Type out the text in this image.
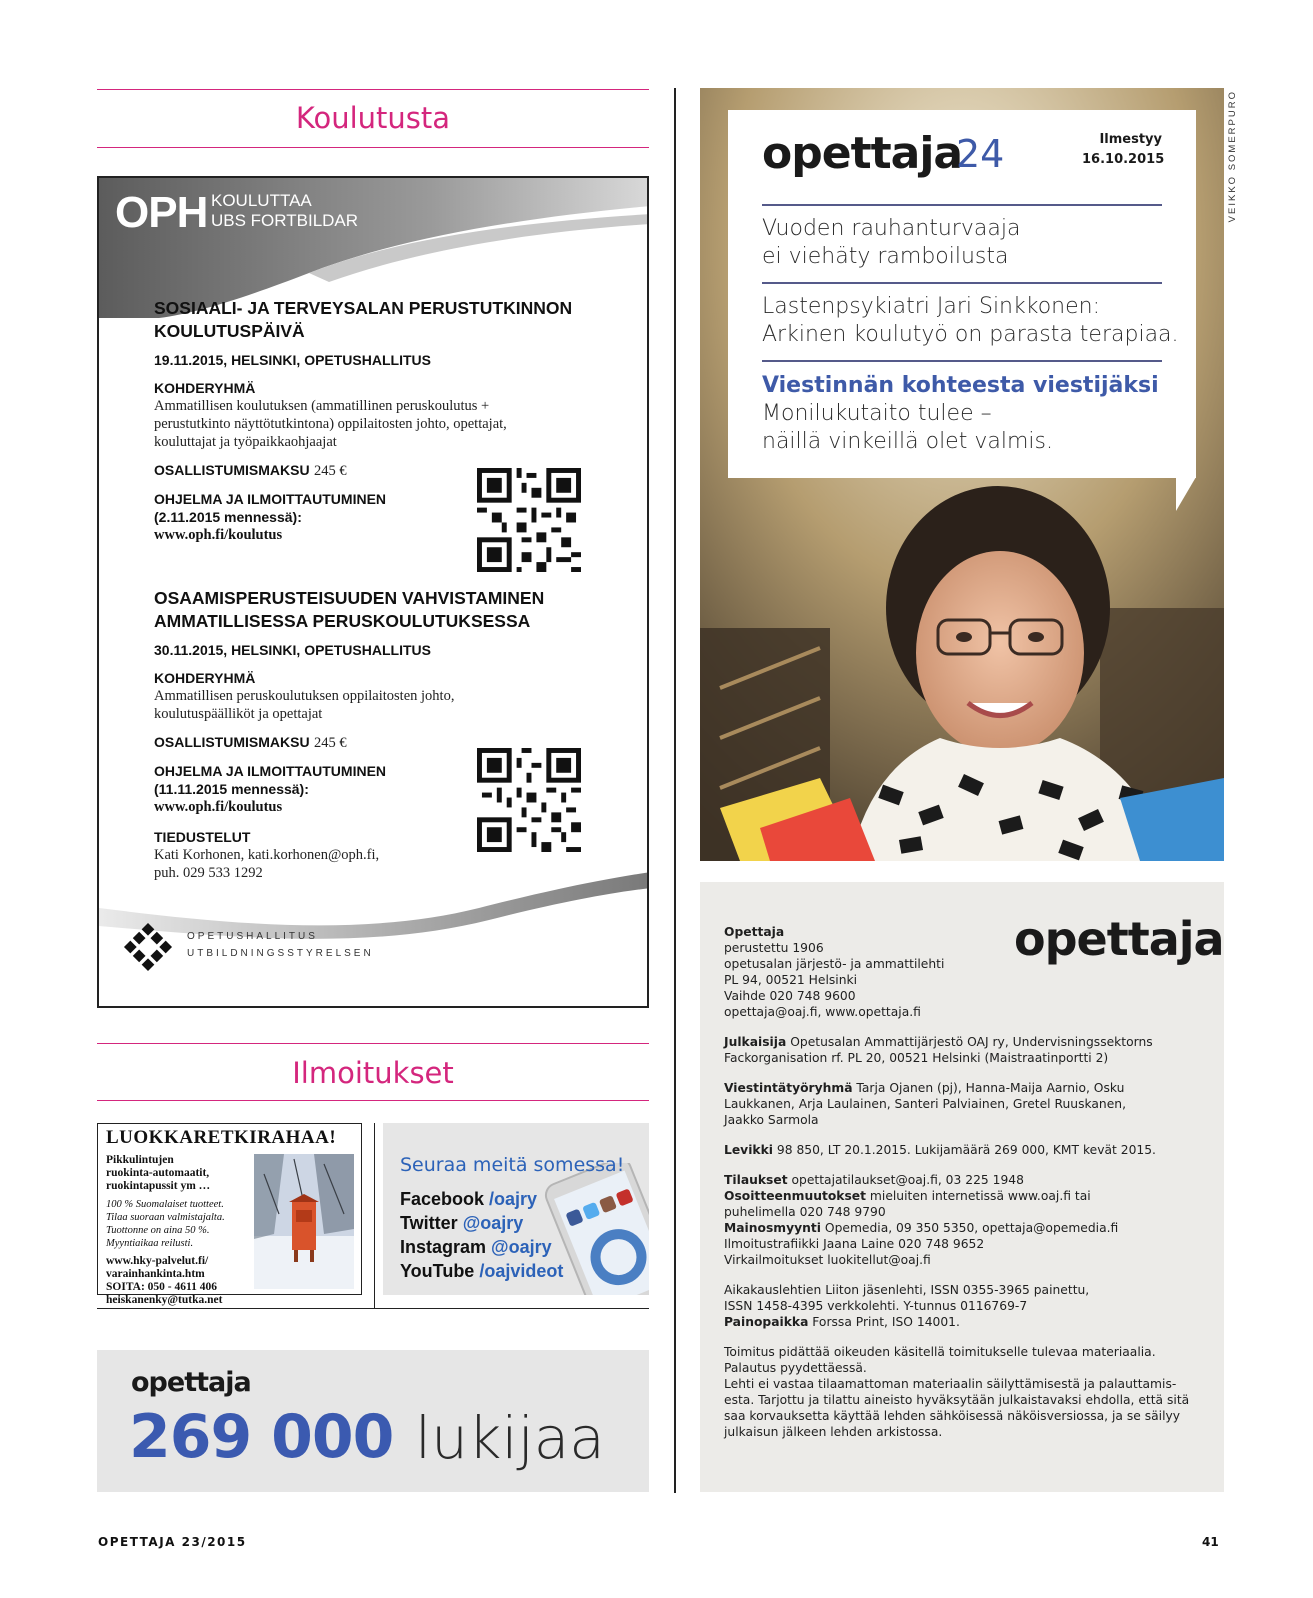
Koulutusta
OPH KOULUTTAA
UBS FORTBILDAR
SOSIAALI- JA TERVEYSALAN PERUSTUTKINNON
KOULUTUSPÄIVÄ
19.11.2015, HELSINKI, OPETUSHALLITUS
KOHDERYHMÄ
Ammatillisen koulutuksen (ammatillinen peruskoulutus +
perustutkinto näyttötutkintona) oppilaitosten johto, opettajat,
kouluttajat ja työpaikkaohjaajat
OSALLISTUMISMAKSU 245 €
OHJELMA JA ILMOITTAUTUMINEN
(2.11.2015 mennessä):
www.oph.fi/koulutus
OSAAMISPERUSTEISUUDEN VAHVISTAMINEN
AMMATILLISESSA PERUSKOULUTUKSESSA
30.11.2015, HELSINKI, OPETUSHALLITUS
KOHDERYHMÄ
Ammatillisen peruskoulutuksen oppilaitosten johto,
koulutuspäälliköt ja opettajat
OSALLISTUMISMAKSU 245 €
OHJELMA JA ILMOITTAUTUMINEN
(11.11.2015 mennessä):
www.oph.fi/koulutus
TIEDUSTELUT
Kati Korhonen, kati.korhonen@oph.fi,
puh. 029 533 1292
OPETUSHALLITUS
UTBILDNINGSSTYRELSEN
Ilmoitukset
LUOKKARETKIRAHAA!
Pikkulintujen
ruokinta-automaatit,
ruokintapussit ym …
100 % Suomalaiset tuotteet.
Tilaa suoraan valmistajalta.
Tuottonne on aina 50 %.
Myyntiaikaa reilusti.
www.hky-palvelut.fi/
varainhankinta.htm
SOITA: 050 - 4611 406
heiskanenky@tutka.net
Seuraa meitä somessa!
Facebook /oajry
Twitter @oajry
Instagram @oajry
YouTube /oajvideot
opettaja
269 000 lukijaa
opettaja
24	Ilmestyy
16.10.2015
Vuoden rauhanturvaaja
ei viehäty ramboilusta
Lastenpsykiatri Jari Sinkkonen:
Arkinen koulutyö on parasta terapiaa.
Viestinnän kohteesta viestijäksi
Monilukutaito tulee –
näillä vinkeillä olet valmis.
VEIKKO SOMERPURO
opettaja

Opettaja

perustettu 1906

opetusalan järjestö- ja ammattilehti

PL 94, 00521 Helsinki

Vaihde 020 748 9600

opettaja@oaj.fi, www.opettaja.fi

Julkaisija Opetusalan Ammattijärjestö OAJ ry, Undervisningssektorns

Fackorganisation rf. PL 20, 00521 Helsinki (Maistraatinportti 2)

Viestintätyöryhmä Tarja Ojanen (pj), Hanna-Maija Aarnio, Osku

Laukkanen, Arja Laulainen, Santeri Palviainen, Gretel Ruuskanen,

Jaakko Sarmola

Levikki 98 850, LT 20.1.2015. Lukijamäärä 269 000, KMT kevät 2015.

Tilaukset opettajatilaukset@oaj.fi, 03 225 1948

Osoitteenmuutokset mieluiten internetissä www.oaj.fi tai

puhelimella 020 748 9790

Mainosmyynti Opemedia, 09 350 5350, opettaja@opemedia.fi

Ilmoitustrafiikki Jaana Laine 020 748 9652

Virkailmoitukset luokitellut@oaj.fi

Aikakauslehtien Liiton jäsenlehti, ISSN 0355-3965 painettu,

ISSN 1458-4395 verkkolehti. Y-tunnus 0116769-7

Painopaikka Forssa Print, ISO 14001.

Toimitus pidättää oikeuden käsitellä toimitukselle tulevaa materiaalia.

Palautus pyydettäessä.

Lehti ei vastaa tilaamattoman materiaalin säilyttämisestä ja palauttamis-

esta. Tarjottu ja tilattu aineisto hyväksytään julkaistavaksi ehdolla, että sitä

saa korvauksetta käyttää lehden sähköisessä näköisversiossa, ja se säilyy

julkaisun jälkeen lehden arkistossa.

OPETTAJA 23/2015	41
